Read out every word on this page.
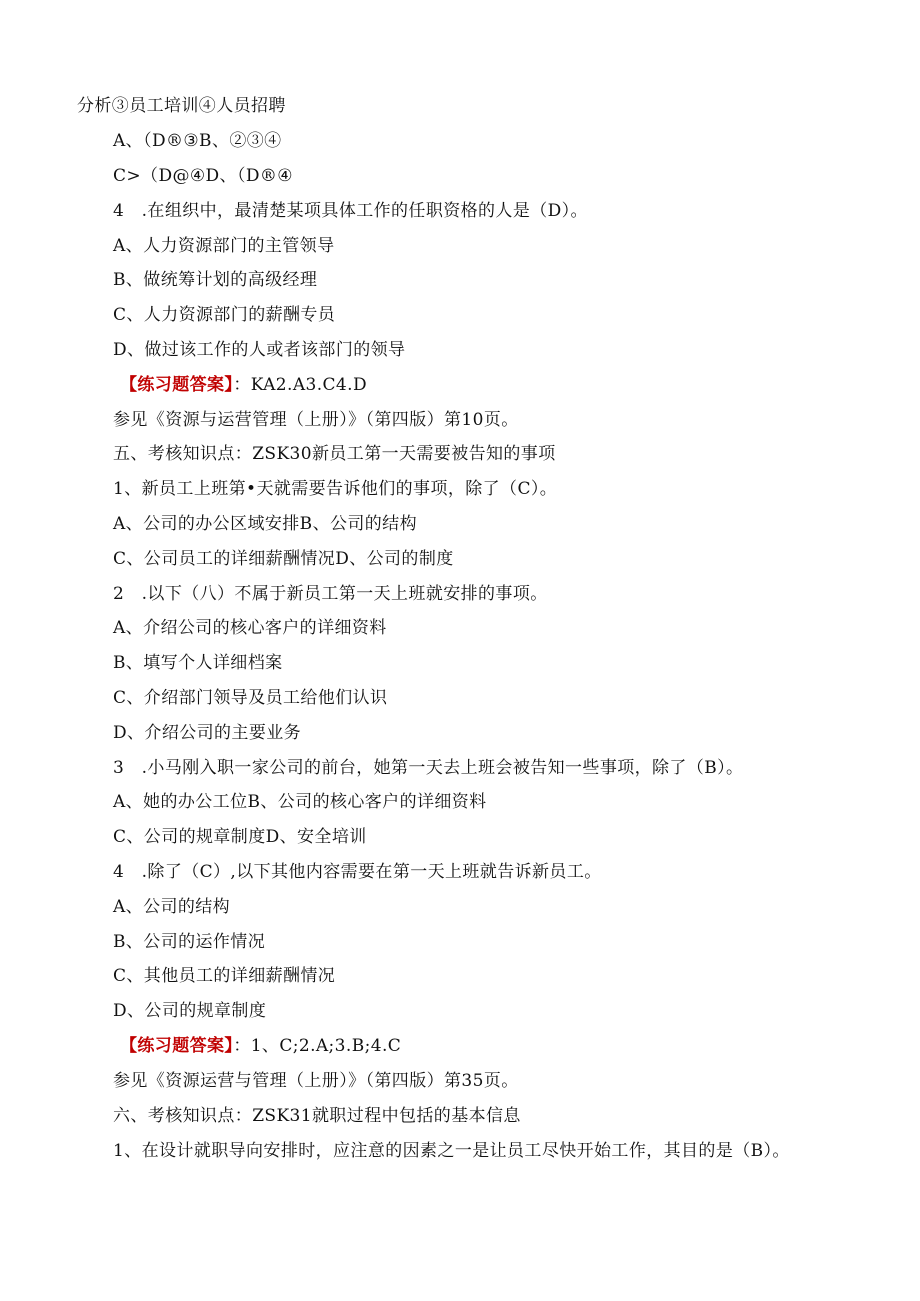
分析③员工培训④人员招聘
A、（D®③B、②③④
C>（D@④D、（D®④
4　.在组织中，最清楚某项具体工作的任职资格的人是（D）。
A、人力资源部门的主管领导
B、做统筹计划的高级经理
C、人力资源部门的薪酬专员
D、做过该工作的人或者该部门的领导
【练习题答案】：KA2.A3.C4.D
参见《资源与运营管理（上册）》（第四版）第10页。
五、考核知识点：ZSK30新员工第一天需要被告知的事项
1、新员工上班第•天就需要告诉他们的事项，除了（C）。
A、公司的办公区域安排B、公司的结构
C、公司员工的详细薪酬情况D、公司的制度
2　.以下（八）不属于新员工第一天上班就安排的事项。
A、介绍公司的核心客户的详细资料
B、填写个人详细档案
C、介绍部门领导及员工给他们认识
D、介绍公司的主要业务
3　.小马刚入职一家公司的前台，她第一天去上班会被告知一些事项，除了（B）。
A、她的办公工位B、公司的核心客户的详细资料
C、公司的规章制度D、安全培训
4　.除了（C）,以下其他内容需要在第一天上班就告诉新员工。
A、公司的结构
B、公司的运作情况
C、其他员工的详细薪酬情况
D、公司的规章制度
【练习题答案】：1、C;2.A;3.B;4.C
参见《资源运营与管理（上册）》（第四版）第35页。
六、考核知识点：ZSK31就职过程中包括的基本信息
1、在设计就职导向安排时，应注意的因素之一是让员工尽快开始工作，其目的是（B）。
